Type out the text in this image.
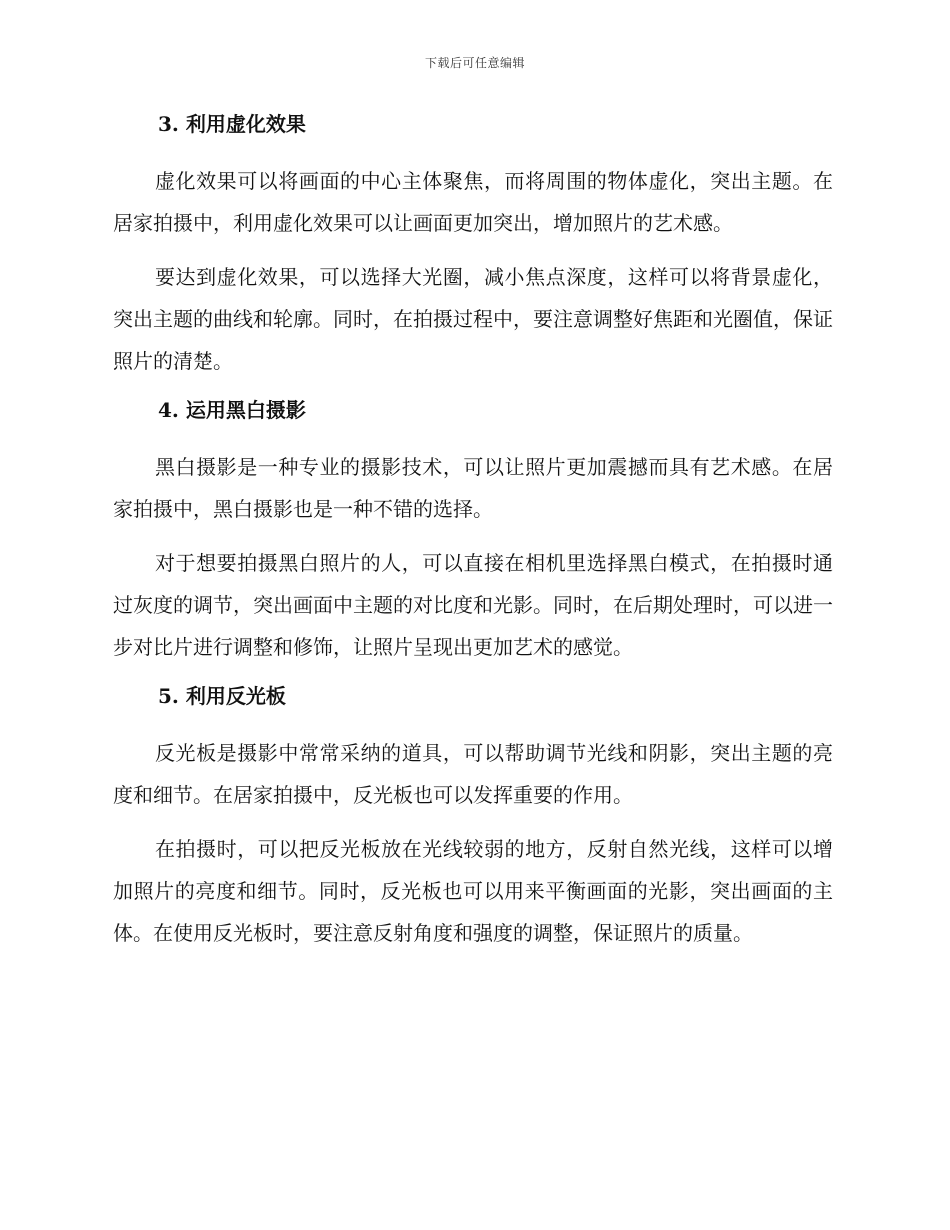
下载后可任意编辑
3. 利用虚化效果

虚化效果可以将画面的中心主体聚焦，而将周围的物体虚化，突出主题。在居家拍摄中，利用虚化效果可以让画面更加突出，增加照片的艺术感。

要达到虚化效果，可以选择大光圈，减小焦点深度，这样可以将背景虚化，突出主题的曲线和轮廓。同时，在拍摄过程中，要注意调整好焦距和光圈值，保证照片的清楚。

4. 运用黑白摄影

黑白摄影是一种专业的摄影技术，可以让照片更加震撼而具有艺术感。在居家拍摄中，黑白摄影也是一种不错的选择。

对于想要拍摄黑白照片的人，可以直接在相机里选择黑白模式，在拍摄时通过灰度的调节，突出画面中主题的对比度和光影。同时，在后期处理时，可以进一步对比片进行调整和修饰，让照片呈现出更加艺术的感觉。

5. 利用反光板

反光板是摄影中常常采纳的道具，可以帮助调节光线和阴影，突出主题的亮度和细节。在居家拍摄中，反光板也可以发挥重要的作用。

在拍摄时，可以把反光板放在光线较弱的地方，反射自然光线，这样可以增加照片的亮度和细节。同时，反光板也可以用来平衡画面的光影，突出画面的主体。在使用反光板时，要注意反射角度和强度的调整，保证照片的质量。
